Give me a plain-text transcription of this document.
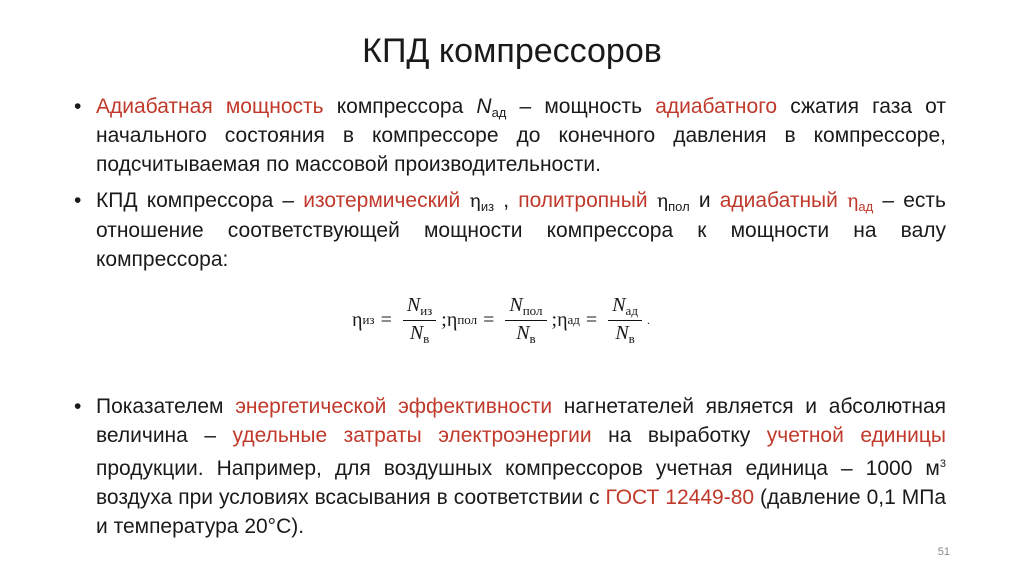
КПД компрессоров
• Адиабатная мощность компрессора $N_{ад}$ – мощность адиабатного сжатия газа от начального состояния в компрессоре до конечного давления в компрессоре, подсчитываемая по массовой производительности.
• КПД компрессора – изотермический $\eta_{из}$ , политропный $\eta_{пол}$ и адиабатный $\eta_{ад}$ – есть отношение соответствующей мощности компрессора к мощности на валу компрессора:
η из = $\frac{N_{из}}{N_в}$ ; η пол = $\frac{N_{пол}}{N_в}$ ; η ад = $\frac{N_{ад}}{N_в}$ .
• Показателем энергетической эффективности нагнетателей является и абсолютная величина – удельные затраты электроэнергии на выработку учетной единицы продукции. Например, для воздушных компрессоров учетная единица – 1000 $м^3$ воздуха при условиях всасывания в соответствии с ГОСТ 12449-80 (давление 0,1 МПа и температура 20°С).
51
